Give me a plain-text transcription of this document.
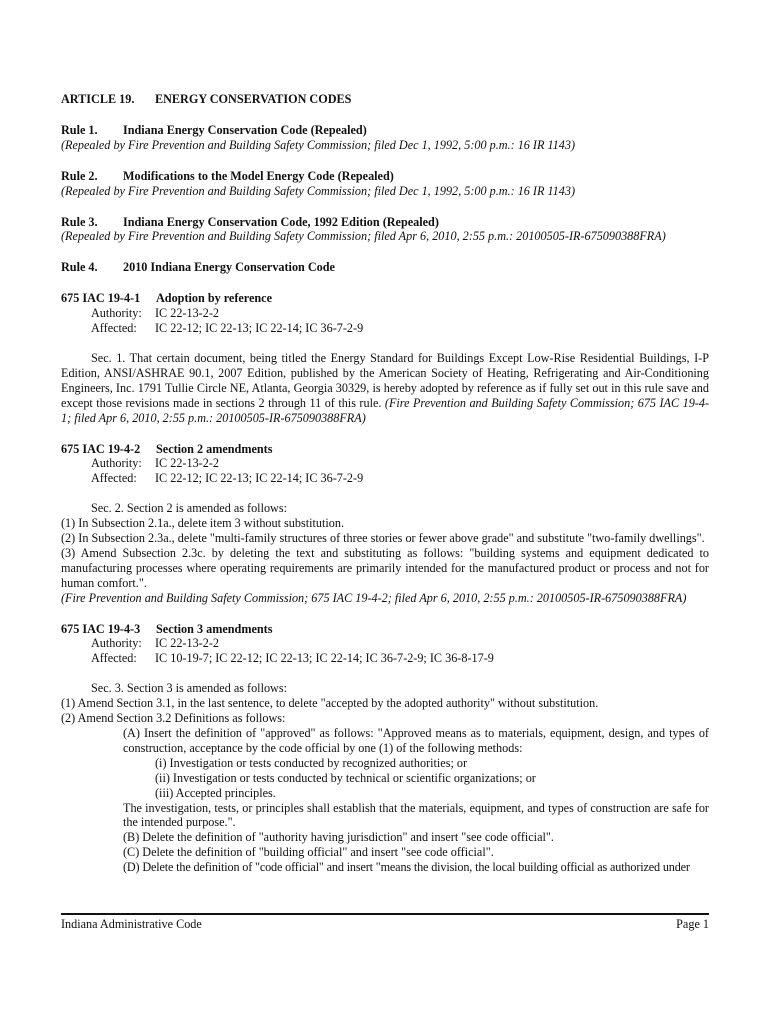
ARTICLE 19.	ENERGY CONSERVATION CODES
Rule 1.	Indiana Energy Conservation Code (Repealed)
(Repealed by Fire Prevention and Building Safety Commission; filed Dec 1, 1992, 5:00 p.m.: 16 IR 1143)
Rule 2.	Modifications to the Model Energy Code (Repealed)
(Repealed by Fire Prevention and Building Safety Commission; filed Dec 1, 1992, 5:00 p.m.: 16 IR 1143)
Rule 3.	Indiana Energy Conservation Code, 1992 Edition (Repealed)
(Repealed by Fire Prevention and Building Safety Commission; filed Apr 6, 2010, 2:55 p.m.: 20100505-IR-675090388FRA)
Rule 4.	2010 Indiana Energy Conservation Code
675 IAC 19-4-1	Adoption by reference
Authority:	IC 22-13-2-2
Affected:	IC 22-12; IC 22-13; IC 22-14; IC 36-7-2-9
Sec. 1. That certain document, being titled the Energy Standard for Buildings Except Low-Rise Residential Buildings, I-P Edition, ANSI/ASHRAE 90.1, 2007 Edition, published by the American Society of Heating, Refrigerating and Air-Conditioning Engineers, Inc. 1791 Tullie Circle NE, Atlanta, Georgia 30329, is hereby adopted by reference as if fully set out in this rule save and except those revisions made in sections 2 through 11 of this rule. (Fire Prevention and Building Safety Commission; 675 IAC 19-4-1; filed Apr 6, 2010, 2:55 p.m.: 20100505-IR-675090388FRA)
675 IAC 19-4-2	Section 2 amendments
Authority:	IC 22-13-2-2
Affected:	IC 22-12; IC 22-13; IC 22-14; IC 36-7-2-9
Sec. 2. Section 2 is amended as follows:
(1) In Subsection 2.1a., delete item 3 without substitution.
(2) In Subsection 2.3a., delete "multi-family structures of three stories or fewer above grade" and substitute "two-family dwellings".
(3) Amend Subsection 2.3c. by deleting the text and substituting as follows: "building systems and equipment dedicated to manufacturing processes where operating requirements are primarily intended for the manufactured product or process and not for human comfort.".
(Fire Prevention and Building Safety Commission; 675 IAC 19-4-2; filed Apr 6, 2010, 2:55 p.m.: 20100505-IR-675090388FRA)
675 IAC 19-4-3	Section 3 amendments
Authority:	IC 22-13-2-2
Affected:	IC 10-19-7; IC 22-12; IC 22-13; IC 22-14; IC 36-7-2-9; IC 36-8-17-9
Sec. 3. Section 3 is amended as follows:
(1) Amend Section 3.1, in the last sentence, to delete "accepted by the adopted authority" without substitution.
(2) Amend Section 3.2 Definitions as follows:
(A) Insert the definition of "approved" as follows: "Approved means as to materials, equipment, design, and types of construction, acceptance by the code official by one (1) of the following methods:
(i) Investigation or tests conducted by recognized authorities; or
(ii) Investigation or tests conducted by technical or scientific organizations; or
(iii) Accepted principles.
The investigation, tests, or principles shall establish that the materials, equipment, and types of construction are safe for the intended purpose.".
(B) Delete the definition of "authority having jurisdiction" and insert "see code official".
(C) Delete the definition of "building official" and insert "see code official".
(D) Delete the definition of "code official" and insert "means the division, the local building official as authorized under
Indiana Administrative Code	Page 1
